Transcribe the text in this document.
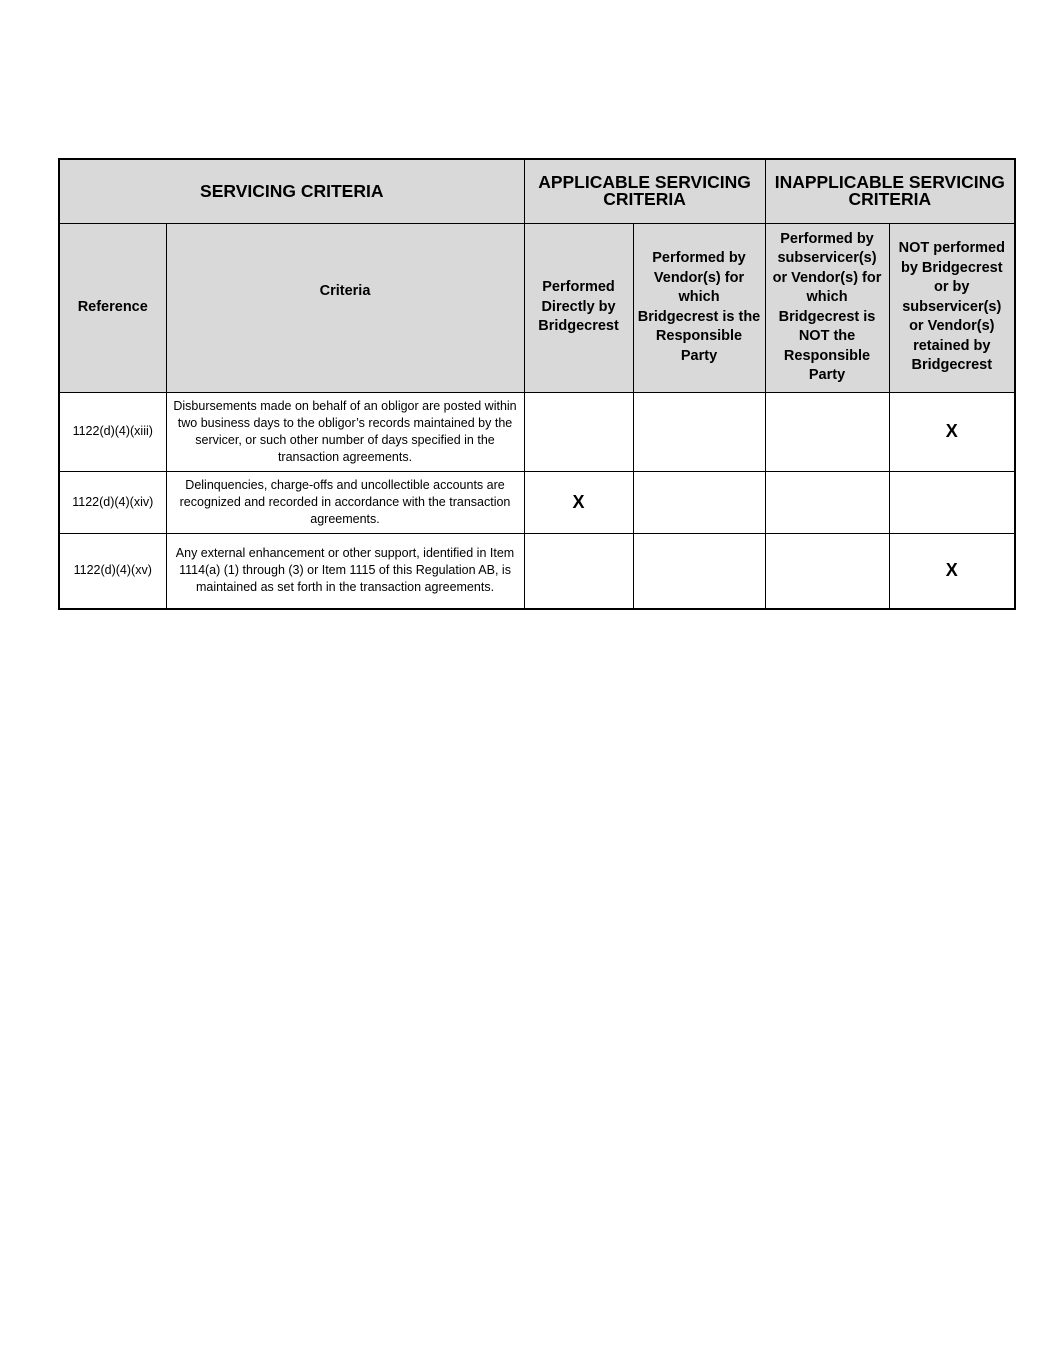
SERVICING CRITERIA		APPLICABLE SERVICING CRITERIA		INAPPLICABLE SERVICING CRITERIA	
Reference	Criteria	Performed Directly by Bridgecrest	Performed by Vendor(s) for which Bridgecrest is the Responsible Party	Performed by subservicer(s) or Vendor(s) for which Bridgecrest is NOT the Responsible Party	NOT performed by Bridgecrest or by subservicer(s) or Vendor(s) retained by Bridgecrest
1122(d)(4)(xiii)	Disbursements made on behalf of an obligor are posted within two business days to the obligor’s records maintained by the servicer, or such other number of days specified in the transaction agreements.				X
1122(d)(4)(xiv)	Delinquencies, charge-offs and uncollectible accounts are recognized and recorded in accordance with the transaction agreements.	X			
1122(d)(4)(xv)	Any external enhancement or other support, identified in Item 1114(a) (1) through (3) or Item 1115 of this Regulation AB, is maintained as set forth in the transaction agreements.				X
